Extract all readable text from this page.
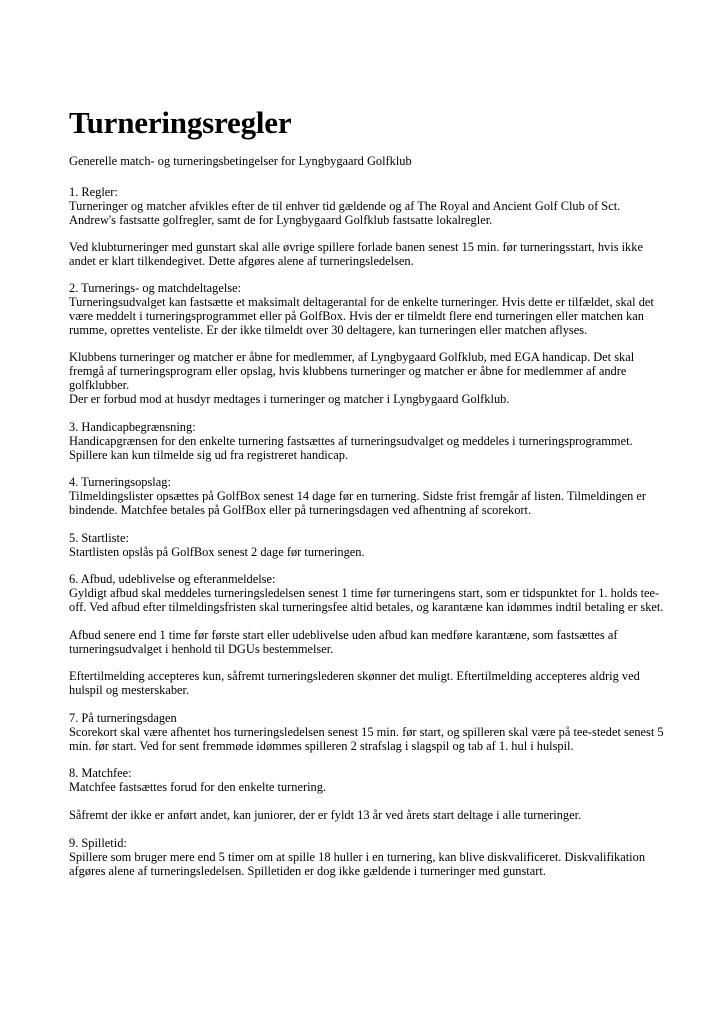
Turneringsregler

Generelle match- og turneringsbetingelser for Lyngbygaard Golfklub

1. Regler:

Turneringer og matcher afvikles efter de til enhver tid gældende og af The Royal and Ancient Golf Club of Sct.

Andrew's fastsatte golfregler, samt de for Lyngbygaard Golfklub fastsatte lokalregler.

Ved klubturneringer med gunstart skal alle øvrige spillere forlade banen senest 15 min. før turneringsstart, hvis ikke

andet er klart tilkendegivet. Dette afgøres alene af turneringsledelsen.

2. Turnerings- og matchdeltagelse:

Turneringsudvalget kan fastsætte et maksimalt deltagerantal for de enkelte turneringer. Hvis dette er tilfældet, skal det

være meddelt i turneringsprogrammet eller på GolfBox. Hvis der er tilmeldt flere end turneringen eller matchen kan

rumme, oprettes venteliste. Er der ikke tilmeldt over 30 deltagere, kan turneringen eller matchen aflyses.

Klubbens turneringer og matcher er åbne for medlemmer, af Lyngbygaard Golfklub, med EGA handicap. Det skal

fremgå af turneringsprogram eller opslag, hvis klubbens turneringer og matcher er åbne for medlemmer af andre

golfklubber.

Der er forbud mod at husdyr medtages i turneringer og matcher i Lyngbygaard Golfklub.

3. Handicapbegrænsning:

Handicapgrænsen for den enkelte turnering fastsættes af turneringsudvalget og meddeles i turneringsprogrammet.

Spillere kan kun tilmelde sig ud fra registreret handicap.

4. Turneringsopslag:

Tilmeldingslister opsættes på GolfBox senest 14 dage før en turnering. Sidste frist fremgår af listen. Tilmeldingen er

bindende. Matchfee betales på GolfBox eller på turneringsdagen ved afhentning af scorekort.

5. Startliste:

Startlisten opslås på GolfBox senest 2 dage før turneringen.

6. Afbud, udeblivelse og efteranmeldelse:

Gyldigt afbud skal meddeles turneringsledelsen senest 1 time før turneringens start, som er tidspunktet for 1. holds tee-

off. Ved afbud efter tilmeldingsfristen skal turneringsfee altid betales, og karantæne kan idømmes indtil betaling er sket.

Afbud senere end 1 time før første start eller udeblivelse uden afbud kan medføre karantæne, som fastsættes af

turneringsudvalget i henhold til DGUs bestemmelser.

Eftertilmelding accepteres kun, såfremt turneringslederen skønner det muligt. Eftertilmelding accepteres aldrig ved

hulspil og mesterskaber.

7. På turneringsdagen

Scorekort skal være afhentet hos turneringsledelsen senest 15 min. før start, og spilleren skal være på tee-stedet senest 5

min. før start. Ved for sent fremmøde idømmes spilleren 2 strafslag i slagspil og tab af 1. hul i hulspil.

8. Matchfee:

Matchfee fastsættes forud for den enkelte turnering.

Såfremt der ikke er anført andet, kan juniorer, der er fyldt 13 år ved årets start deltage i alle turneringer.

9. Spilletid:

Spillere som bruger mere end 5 timer om at spille 18 huller i en turnering, kan blive diskvalificeret. Diskvalifikation

afgøres alene af turneringsledelsen. Spilletiden er dog ikke gældende i turneringer med gunstart.
